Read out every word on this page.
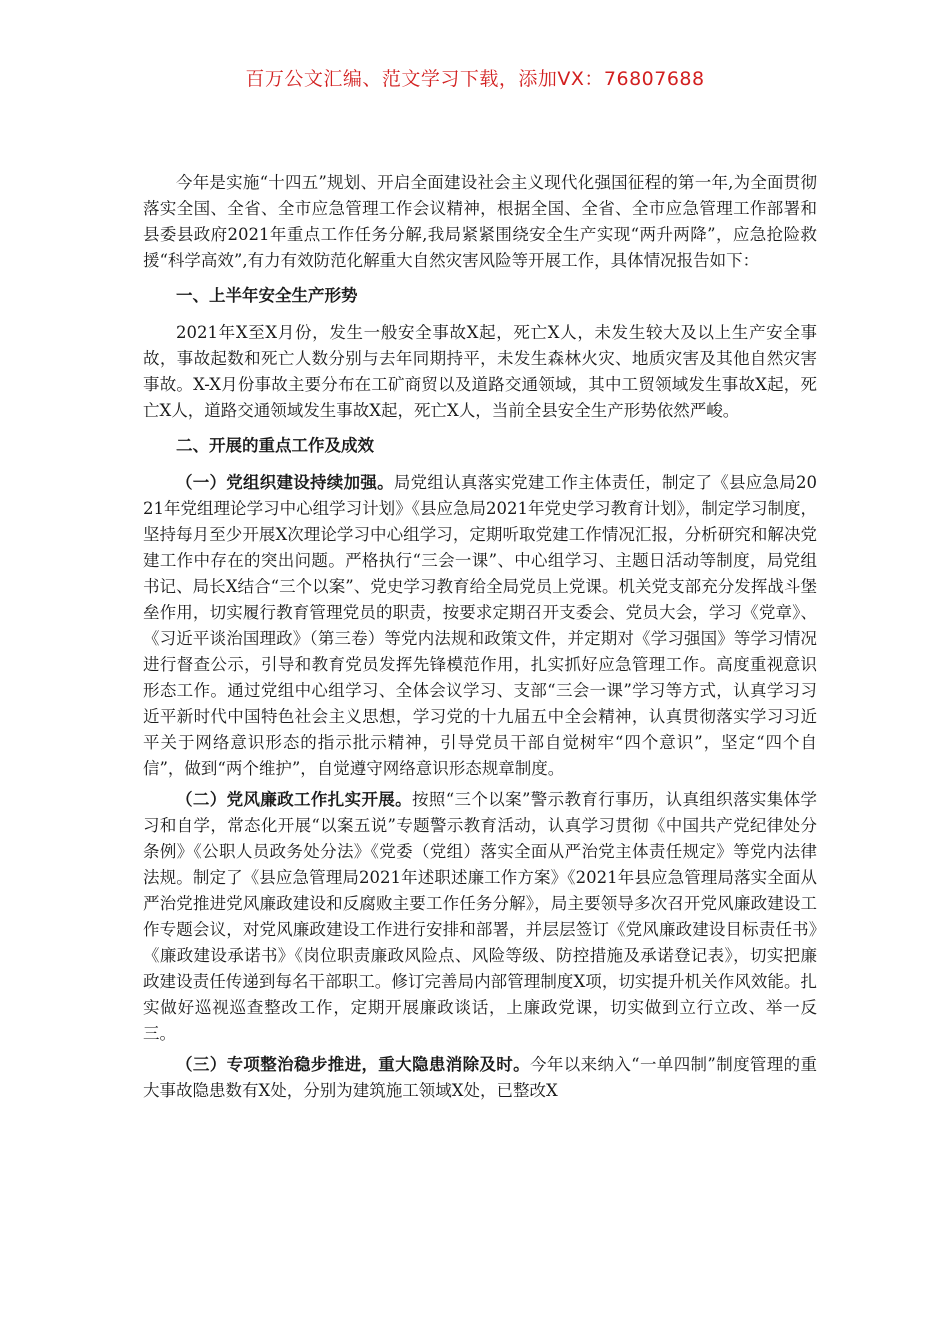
百万公文汇编、范文学习下载，添加VX：76807688

今年是实施“十四五”规划、开启全面建设社会主义现代化强国征程的第一年,为全面贯彻落实全国、全省、全市应急管理工作会议精神，根据全国、全省、全市应急管理工作部署和县委县政府2021年重点工作任务分解,我局紧紧围绕安全生产实现“两升两降”，应急抢险救援“科学高效”,有力有效防范化解重大自然灾害风险等开展工作，具体情况报告如下：

一、上半年安全生产形势

2021年X至X月份，发生一般安全事故X起，死亡X人，未发生较大及以上生产安全事故，事故起数和死亡人数分别与去年同期持平，未发生森林火灾、地质灾害及其他自然灾害事故。X-X月份事故主要分布在工矿商贸以及道路交通领域，其中工贸领域发生事故X起，死亡X人，道路交通领域发生事故X起，死亡X人，当前全县安全生产形势依然严峻。

二、开展的重点工作及成效

（一）党组织建设持续加强。局党组认真落实党建工作主体责任，制定了《县应急局2021年党组理论学习中心组学习计划》《县应急局2021年党史学习教育计划》，制定学习制度，坚持每月至少开展X次理论学习中心组学习，定期听取党建工作情况汇报，分析研究和解决党建工作中存在的突出问题。严格执行“三会一课”、中心组学习、主题日活动等制度，局党组书记、局长X结合“三个以案”、党史学习教育给全局党员上党课。机关党支部充分发挥战斗堡垒作用，切实履行教育管理党员的职责，按要求定期召开支委会、党员大会，学习《党章》、《习近平谈治国理政》（第三卷）等党内法规和政策文件，并定期对《学习强国》等学习情况进行督查公示，引导和教育党员发挥先锋模范作用，扎实抓好应急管理工作。高度重视意识形态工作。通过党组中心组学习、全体会议学习、支部“三会一课”学习等方式，认真学习习近平新时代中国特色社会主义思想，学习党的十九届五中全会精神，认真贯彻落实学习习近平关于网络意识形态的指示批示精神，引导党员干部自觉树牢“四个意识”，坚定“四个自信”，做到“两个维护”，自觉遵守网络意识形态规章制度。

（二）党风廉政工作扎实开展。按照“三个以案”警示教育行事历，认真组织落实集体学习和自学，常态化开展“以案五说”专题警示教育活动，认真学习贯彻《中国共产党纪律处分条例》《公职人员政务处分法》《党委（党组）落实全面从严治党主体责任规定》等党内法律法规。制定了《县应急管理局2021年述职述廉工作方案》《2021年县应急管理局落实全面从严治党推进党风廉政建设和反腐败主要工作任务分解》，局主要领导多次召开党风廉政建设工作专题会议，对党风廉政建设工作进行安排和部署，并层层签订《党风廉政建设目标责任书》《廉政建设承诺书》《岗位职责廉政风险点、风险等级、防控措施及承诺登记表》，切实把廉政建设责任传递到每名干部职工。修订完善局内部管理制度X项，切实提升机关作风效能。扎实做好巡视巡查整改工作，定期开展廉政谈话，上廉政党课，切实做到立行立改、举一反三。

（三）专项整治稳步推进，重大隐患消除及时。今年以来纳入“一单四制”制度管理的重大事故隐患数有X处，分别为建筑施工领域X处，已整改X
